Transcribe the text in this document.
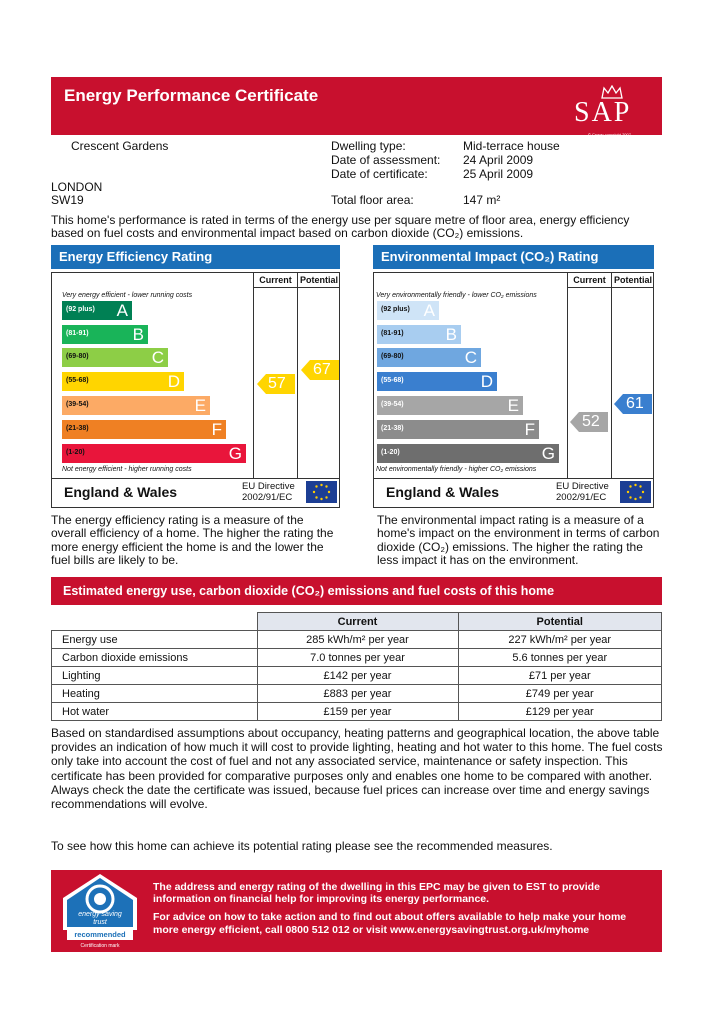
Energy Performance Certificate
SAP
© Crown copyright 2007
Crescent Gardens
LONDON
SW19
Dwelling type:	Mid-terrace house
Date of assessment: 24 April 2009
Date of certificate:	25 April 2009
Total floor area:	147 m²
This home's performance is rated in terms of the energy use per square metre of floor area, energy efficiency based on fuel costs and environmental impact based on carbon dioxide (CO₂) emissions.
Energy Efficiency Rating
Current Potential
Very energy efficient - lower running costs
(92 plus) A
(81-91)	B
(69-80)	C
(55-68)	D
(39-54)	E
(21-38)	F
(1-20)	G
Not energy efficient - higher running costs
57
67
England & Wales	EU Directive
2002/91/EC
Environmental Impact (CO₂) Rating
Current Potential
Very environmentally friendly - lower CO₂ emissions
(92 plus) A
(81-91) B
(69-80)	C
(55-68)	D
(39-54)	E
(21-38)	F
(1-20)	G
Not environmentally friendly - higher CO₂ emissions
52
61
England & Wales	EU Directive
2002/91/EC
The energy efficiency rating is a measure of the overall efficiency of a home. The higher the rating the more energy efficient the home is and the lower the fuel bills are likely to be.
The environmental impact rating is a measure of a home's impact on the environment in terms of carbon dioxide (CO₂) emissions. The higher the rating the less impact it has on the environment.
Estimated energy use, carbon dioxide (CO₂) emissions and fuel costs of this home
	Current	Potential
Energy use	285 kWh/m² per year	227 kWh/m² per year
Carbon dioxide emissions	7.0 tonnes per year	5.6 tonnes per year
Lighting	£142 per year	£71 per year
Heating	£883 per year	£749 per year
Hot water	£159 per year	£129 per year
Based on standardised assumptions about occupancy, heating patterns and geographical location, the above table provides an indication of how much it will cost to provide lighting, heating and hot water to this home. The fuel costs only take into account the cost of fuel and not any associated service, maintenance or safety inspection. This certificate has been provided for comparative purposes only and enables one home to be compared with another. Always check the date the certificate was issued, because fuel prices can increase over time and energy savings recommendations will evolve.
To see how this home can achieve its potential rating please see the recommended measures.
energy saving
trust
recommended
Certification mark
The address and energy rating of the dwelling in this EPC may be given to EST to provide information on financial help for improving its energy performance.
For advice on how to take action and to find out about offers available to help make your home more energy efficient, call 0800 512 012 or visit www.energysavingtrust.org.uk/myhome
